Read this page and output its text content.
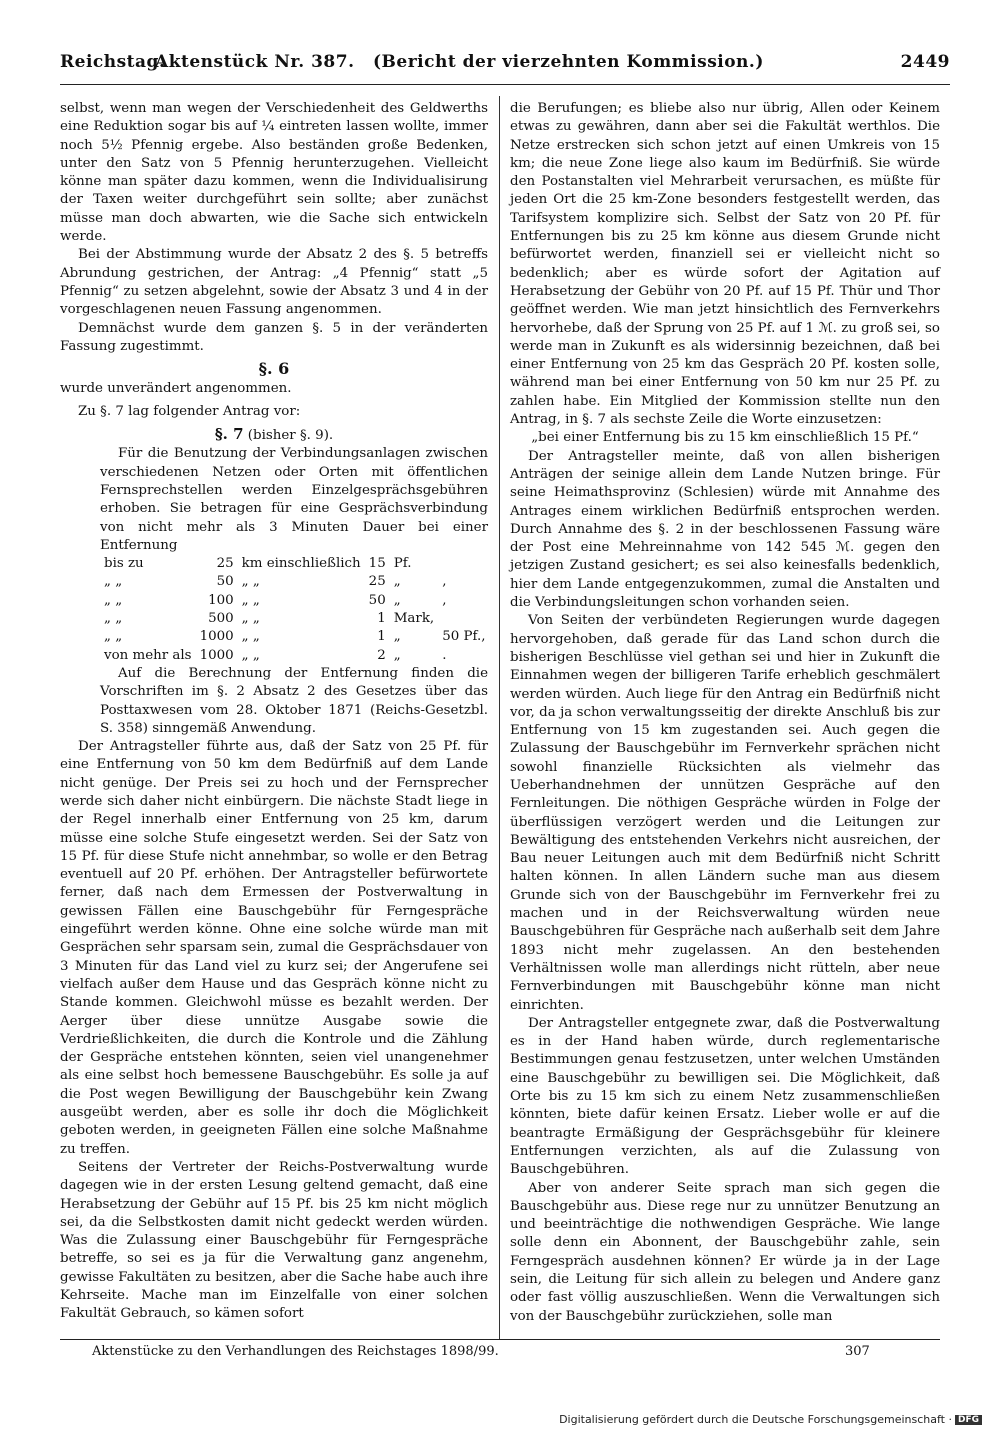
Reichstag.
Aktenstück Nr. 387. (Bericht der vierzehnten Kommission.)	2449

selbst, wenn man wegen der Verschiedenheit des Geldwerths eine Reduktion sogar bis auf ¼ eintreten lassen wollte, immer noch 5½ Pfennig ergebe. Also beständen große Bedenken, unter den Satz von 5 Pfennig herunterzugehen. Vielleicht könne man später dazu kommen, wenn die Individualisirung der Taxen weiter durchgeführt sein sollte; aber zunächst müsse man doch abwarten, wie die Sache sich entwickeln werde.

Bei der Abstimmung wurde der Absatz 2 des §. 5 betreffs Abrundung gestrichen, der Antrag: „4 Pfennig“ statt „5 Pfennig“ zu setzen abgelehnt, sowie der Absatz 3 und 4 in der vorgeschlagenen neuen Fassung angenommen.

Demnächst wurde dem ganzen §. 5 in der veränderten Fassung zugestimmt.

§. 6

wurde unverändert angenommen.

Zu §. 7 lag folgender Antrag vor:

§. 7 (bisher §. 9).

Für die Benutzung der Verbindungsanlagen zwischen verschiedenen Netzen oder Orten mit öffentlichen Fernsprechstellen werden Einzelgesprächsgebühren erhoben. Sie betragen für eine Gesprächsverbindung von nicht mehr als 3 Minuten Dauer bei einer Entfernung

bis zu	25	km einschließlich	15	Pf.	
„ „	50	„ „	25	„	,
„ „	100	„ „	50	„	,
„ „	500	„ „	1	Mark,	
„ „	1000	„ „	1	„	50 Pf.,
von mehr als	1000	„ „	2	„	.

Auf die Berechnung der Entfernung finden die Vorschriften im §. 2 Absatz 2 des Gesetzes über das Posttaxwesen vom 28. Oktober 1871 (Reichs-Gesetzbl. S. 358) sinngemäß Anwendung.

Der Antragsteller führte aus, daß der Satz von 25 Pf. für eine Entfernung von 50 km dem Bedürfniß auf dem Lande nicht genüge. Der Preis sei zu hoch und der Fernsprecher werde sich daher nicht einbürgern. Die nächste Stadt liege in der Regel innerhalb einer Entfernung von 25 km, darum müsse eine solche Stufe eingesetzt werden. Sei der Satz von 15 Pf. für diese Stufe nicht annehmbar, so wolle er den Betrag eventuell auf 20 Pf. erhöhen. Der Antragsteller befürwortete ferner, daß nach dem Ermessen der Postverwaltung in gewissen Fällen eine Bauschgebühr für Ferngespräche eingeführt werden könne. Ohne eine solche würde man mit Gesprächen sehr sparsam sein, zumal die Gesprächsdauer von 3 Minuten für das Land viel zu kurz sei; der Angerufene sei vielfach außer dem Hause und das Gespräch könne nicht zu Stande kommen. Gleichwohl müsse es bezahlt werden. Der Aerger über diese unnütze Ausgabe sowie die Verdrießlichkeiten, die durch die Kontrole und die Zählung der Gespräche entstehen könnten, seien viel unangenehmer als eine selbst hoch bemessene Bauschgebühr. Es solle ja auf die Post wegen Bewilligung der Bauschgebühr kein Zwang ausgeübt werden, aber es solle ihr doch die Möglichkeit geboten werden, in geeigneten Fällen eine solche Maßnahme zu treffen.

Seitens der Vertreter der Reichs-Postverwaltung wurde dagegen wie in der ersten Lesung geltend gemacht, daß eine Herabsetzung der Gebühr auf 15 Pf. bis 25 km nicht möglich sei, da die Selbstkosten damit nicht gedeckt werden würden. Was die Zulassung einer Bauschgebühr für Ferngespräche betreffe, so sei es ja für die Verwaltung ganz angenehm, gewisse Fakultäten zu besitzen, aber die Sache habe auch ihre Kehrseite. Mache man im Einzelfalle von einer solchen Fakultät Gebrauch, so kämen sofort

die Berufungen; es bliebe also nur übrig, Allen oder Keinem etwas zu gewähren, dann aber sei die Fakultät werthlos. Die Netze erstrecken sich schon jetzt auf einen Umkreis von 15 km; die neue Zone liege also kaum im Bedürfniß. Sie würde den Postanstalten viel Mehrarbeit verursachen, es müßte für jeden Ort die 25 km-Zone besonders festgestellt werden, das Tarifsystem komplizire sich. Selbst der Satz von 20 Pf. für Entfernungen bis zu 25 km könne aus diesem Grunde nicht befürwortet werden, finanziell sei er vielleicht nicht so bedenklich; aber es würde sofort der Agitation auf Herabsetzung der Gebühr von 20 Pf. auf 15 Pf. Thür und Thor geöffnet werden. Wie man jetzt hinsichtlich des Fernverkehrs hervorhebe, daß der Sprung von 25 Pf. auf 1 ℳ. zu groß sei, so werde man in Zukunft es als widersinnig bezeichnen, daß bei einer Entfernung von 25 km das Gespräch 20 Pf. kosten solle, während man bei einer Entfernung von 50 km nur 25 Pf. zu zahlen habe. Ein Mitglied der Kommission stellte nun den Antrag, in §. 7 als sechste Zeile die Worte einzusetzen:

„bei einer Entfernung bis zu 15 km einschließlich 15 Pf.“

Der Antragsteller meinte, daß von allen bisherigen Anträgen der seinige allein dem Lande Nutzen bringe. Für seine Heimathsprovinz (Schlesien) würde mit Annahme des Antrages einem wirklichen Bedürfniß entsprochen werden. Durch Annahme des §. 2 in der beschlossenen Fassung wäre der Post eine Mehreinnahme von 142 545 ℳ. gegen den jetzigen Zustand gesichert; es sei also keinesfalls bedenklich, hier dem Lande entgegenzukommen, zumal die Anstalten und die Verbindungsleitungen schon vorhanden seien.

Von Seiten der verbündeten Regierungen wurde dagegen hervorgehoben, daß gerade für das Land schon durch die bisherigen Beschlüsse viel gethan sei und hier in Zukunft die Einnahmen wegen der billigeren Tarife erheblich geschmälert werden würden. Auch liege für den Antrag ein Bedürfniß nicht vor, da ja schon verwaltungsseitig der direkte Anschluß bis zur Entfernung von 15 km zugestanden sei. Auch gegen die Zulassung der Bauschgebühr im Fernverkehr sprächen nicht sowohl finanzielle Rücksichten als vielmehr das Ueberhandnehmen der unnützen Gespräche auf den Fernleitungen. Die nöthigen Gespräche würden in Folge der überflüssigen verzögert werden und die Leitungen zur Bewältigung des entstehenden Verkehrs nicht ausreichen, der Bau neuer Leitungen auch mit dem Bedürfniß nicht Schritt halten können. In allen Ländern suche man aus diesem Grunde sich von der Bauschgebühr im Fernverkehr frei zu machen und in der Reichsverwaltung würden neue Bauschgebühren für Gespräche nach außerhalb seit dem Jahre 1893 nicht mehr zugelassen. An den bestehenden Verhältnissen wolle man allerdings nicht rütteln, aber neue Fernverbindungen mit Bauschgebühr könne man nicht einrichten.

Der Antragsteller entgegnete zwar, daß die Postverwaltung es in der Hand haben würde, durch reglementarische Bestimmungen genau festzusetzen, unter welchen Umständen eine Bauschgebühr zu bewilligen sei. Die Möglichkeit, daß Orte bis zu 15 km sich zu einem Netz zusammenschließen könnten, biete dafür keinen Ersatz. Lieber wolle er auf die beantragte Ermäßigung der Gesprächsgebühr für kleinere Entfernungen verzichten, als auf die Zulassung von Bauschgebühren.

Aber von anderer Seite sprach man sich gegen die Bauschgebühr aus. Diese rege nur zu unnützer Benutzung an und beeinträchtige die nothwendigen Gespräche. Wie lange solle denn ein Abonnent, der Bauschgebühr zahle, sein Ferngespräch ausdehnen können? Er würde ja in der Lage sein, die Leitung für sich allein zu belegen und Andere ganz oder fast völlig auszuschließen. Wenn die Verwaltungen sich von der Bauschgebühr zurückziehen, solle man

Aktenstücke zu den Verhandlungen des Reichstages 1898/99.	307
Digitalisierung gefördert durch die Deutsche Forschungsgemeinschaft · DFG
